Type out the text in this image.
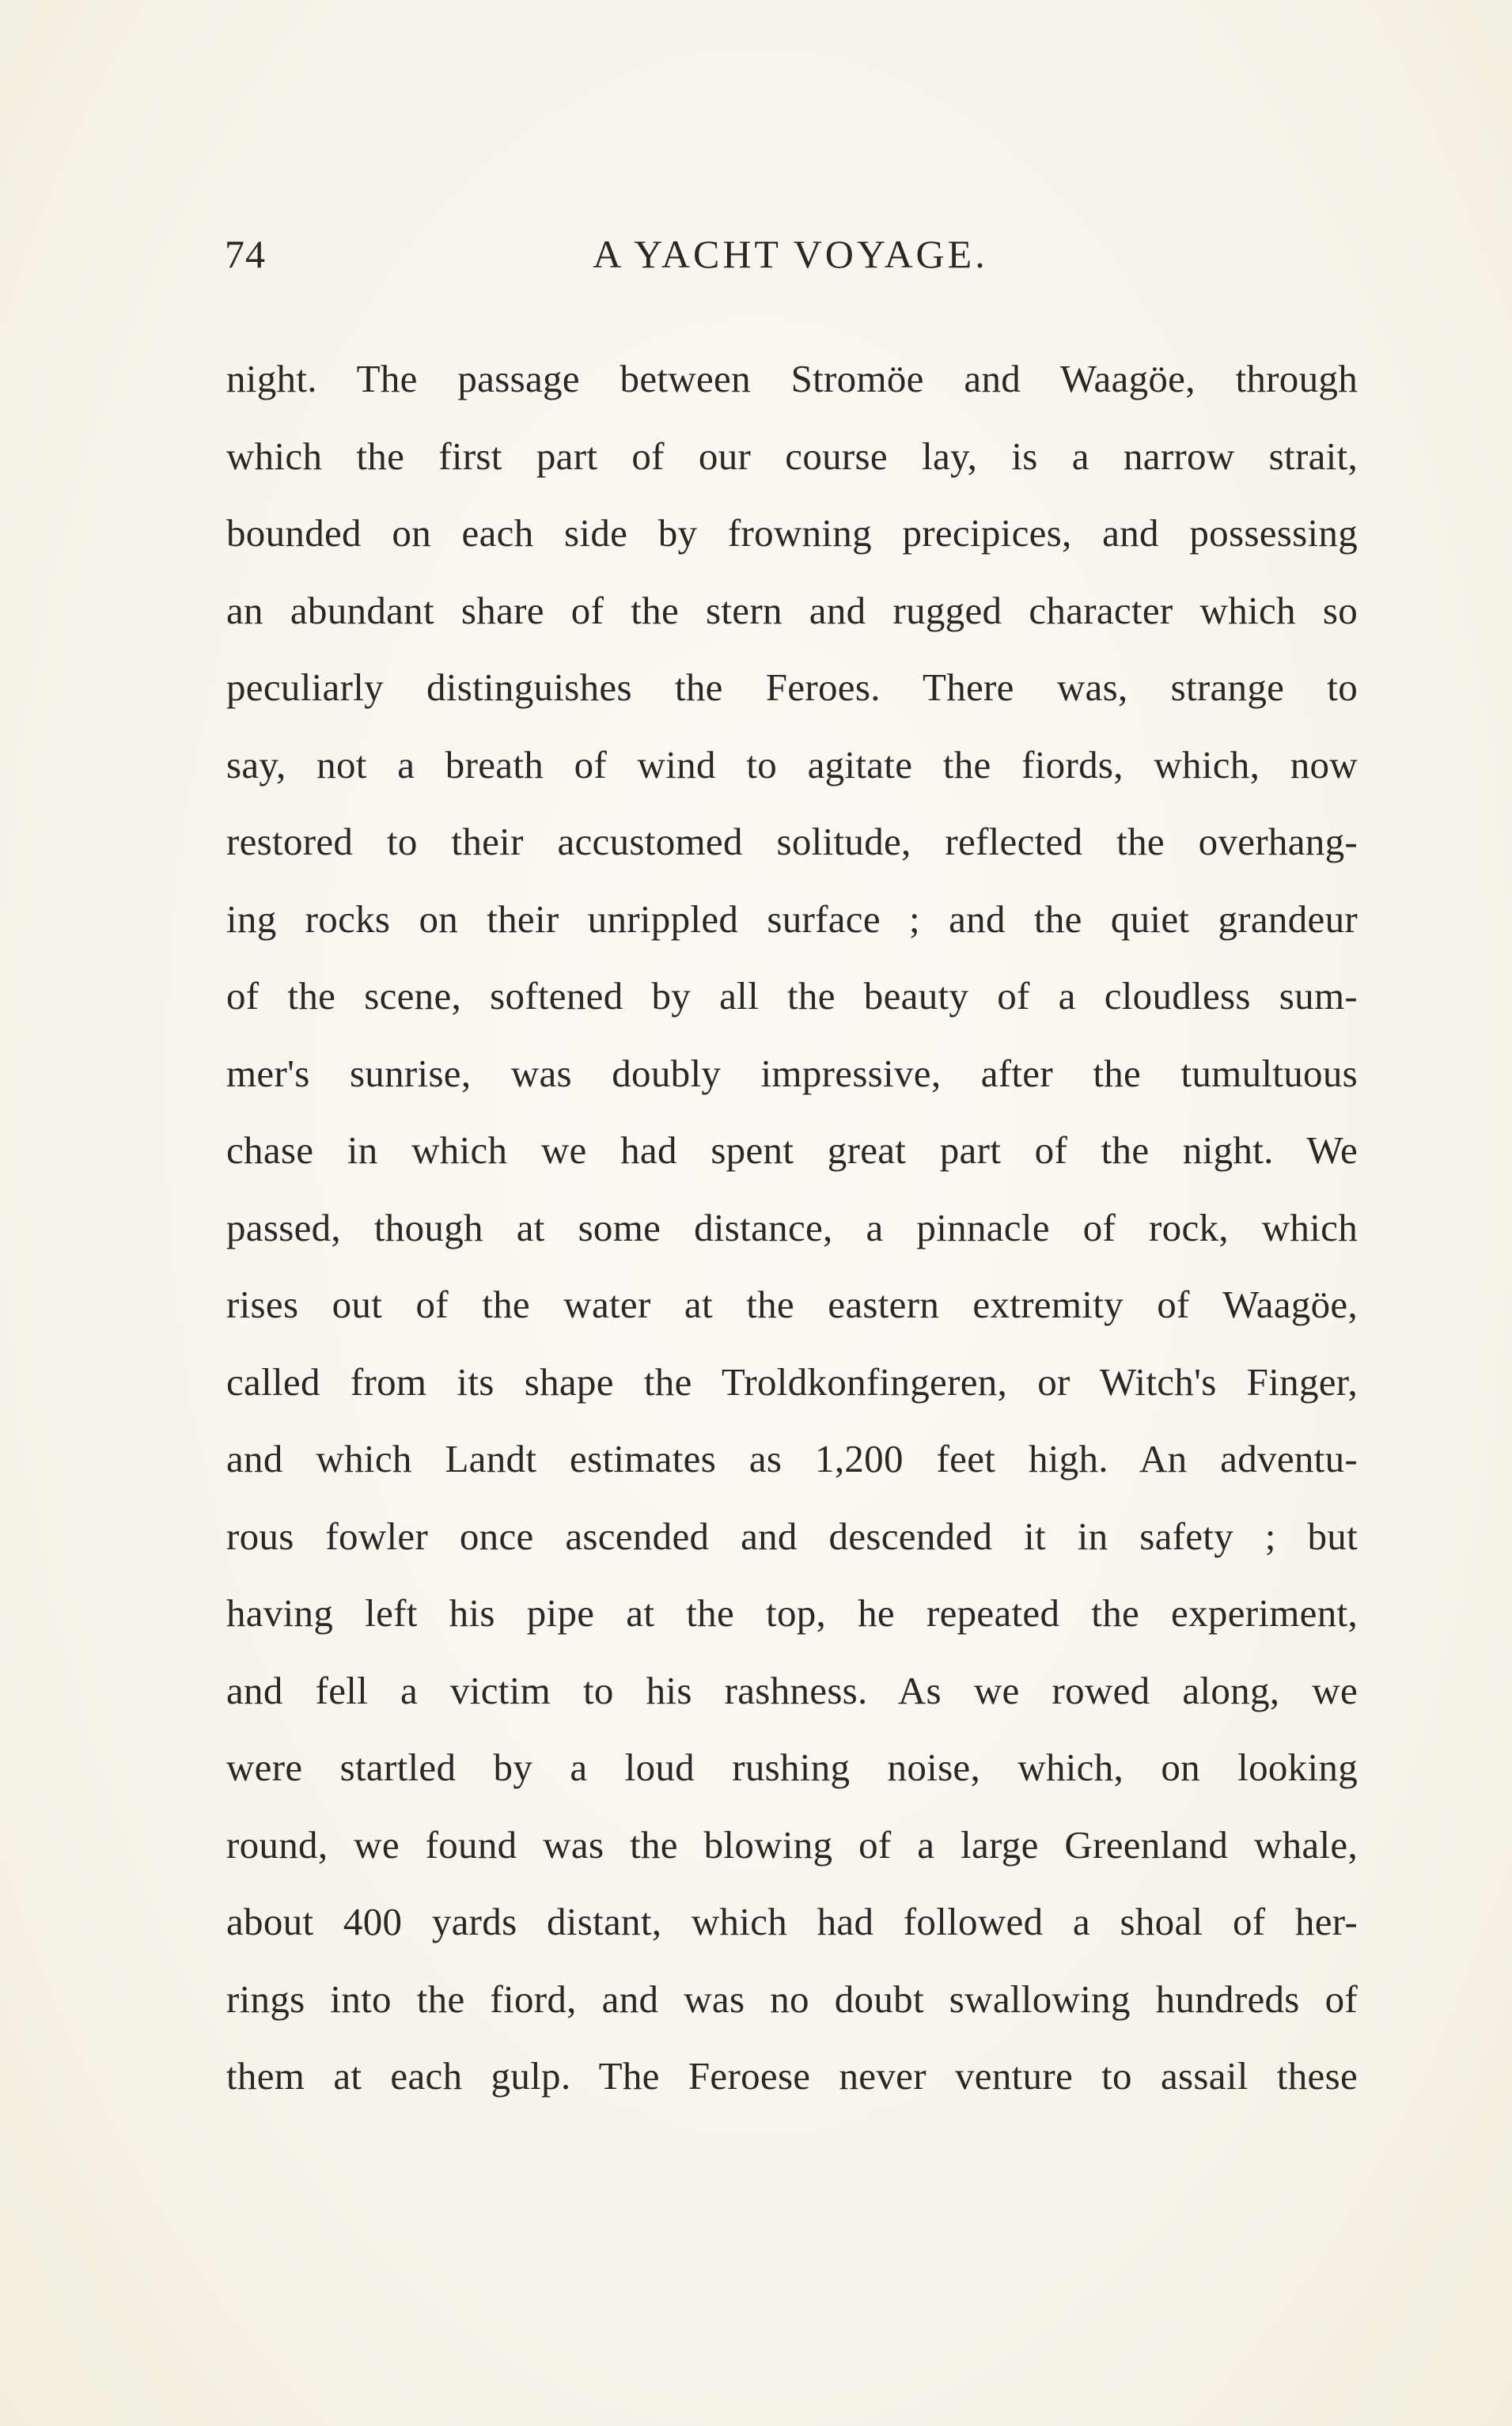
74	A YACHT VOYAGE.
night. The passage between Stromöe and Waagöe, through
which the first part of our course lay, is a narrow strait,
bounded on each side by frowning precipices, and possessing
an abundant share of the stern and rugged character which so
peculiarly distinguishes the Feroes. There was, strange to
say, not a breath of wind to agitate the fiords, which, now
restored to their accustomed solitude, reflected the overhang-
ing rocks on their unrippled surface ; and the quiet grandeur
of the scene, softened by all the beauty of a cloudless sum-
mer's sunrise, was doubly impressive, after the tumultuous
chase in which we had spent great part of the night. We
passed, though at some distance, a pinnacle of rock, which
rises out of the water at the eastern extremity of Waagöe,
called from its shape the Troldkonfingeren, or Witch's Finger,
and which Landt estimates as 1,200 feet high. An adventu-
rous fowler once ascended and descended it in safety ; but
having left his pipe at the top, he repeated the experiment,
and fell a victim to his rashness. As we rowed along, we
were startled by a loud rushing noise, which, on looking
round, we found was the blowing of a large Greenland whale,
about 400 yards distant, which had followed a shoal of her-
rings into the fiord, and was no doubt swallowing hundreds of
them at each gulp. The Feroese never venture to assail these
